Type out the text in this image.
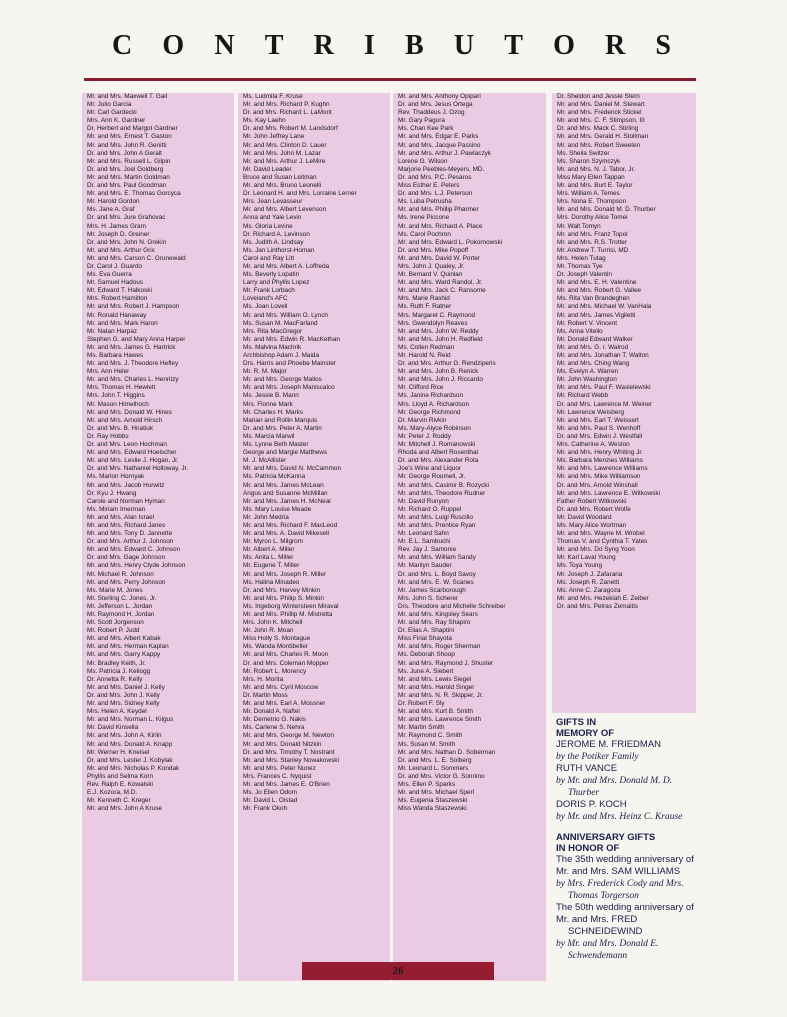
C O N T R I B U T O R S
Mr. and Mrs. Maxwell T. Gail
Mr. Julio Garcia
Mr. Carl Gardecki
Mrs. Ann K. Gardner
Dr. Herbert and Margot Gardner
Mr. and Mrs. Ernest T. Gaston
Mr. and Mrs. John R. Genitti
Dr. and Mrs. John A Geralt
Mr. and Mrs. Russell L. Gilpin
Dr. and Mrs. Joel Goldberg
Mr. and Mrs. Martin Goldman
Dr. and Mrs. Paul Goodman
Mr. and Mrs. E. Thomas Gorcyca
Mr. Harold Gordon
Ms. Jane A. Graf
Dr. and Mrs. Jure Grahovac
Mrs. H. James Gram
Mr. Joseph D. Greiner
Dr. and Mrs. John N. Grekin
Mr. and Mrs. Arthur Grix
Mr. and Mrs. Carson C. Grunewald
Dr. Carol J. Guardo
Ms. Eva Guerra
Mr. Samuel Hadous
Mr. Edward T. Halkoski
Mrs. Robert Hamilton
Mr. and Mrs. Robert J. Hampson
Mr. Ronald Hanaway
Mr. and Mrs. Mark Haron
Mr. Natan Harpaz
Stephen G. and Mary Anna Harper
Mr. and Mrs. James G. Hartrick
Ms. Barbara Hawes
Mr. and Mrs. J. Theodore Hefley
Mrs. Ann Heler
Mr. and Mrs. Charles L. Henritzy
Mrs. Thomas H. Hewlett
Mrs. John T. Higgins
Mr. Mason Himelhoch
Mr. and Mrs. Donald W. Hines
Mr. and Mrs. Arnold Hirsch
Dr. and Mrs. B. Hnatiuk
Dr. Ray Hobbs
Dr. and Mrs. Leon Hochman
Mr. and Mrs. Edward Hoelscher
Mr. and Mrs. Leslie J. Hogan, Jr.
Dr. and Mrs. Nathaniel Holloway, Jr.
Ms. Marion Hornyak
Mr. and Mrs. Jacob Hurwitz
Dr. Kyu J. Hwang
Carole and Norman Hyman
Ms. Miriam Imerman
Mr. and Mrs. Alan Israel
Mr. and Mrs. Richard Janes
Mr. and Mrs. Tony D. Jannette
Dr. and Mrs. Arthur J. Johnson
Mr. and Mrs. Edward C. Johnson
Dr. and Mrs. Gage Johnson
Mr. and Mrs. Henry Clyde Johnson
Mr. Michael R. Johnson
Mr. and Mrs. Perry Johnson
Ms. Marie M. Jones
Mr. Sterling C. Jones, Jr.
Mr. Jefferson L. Jordan
Mr. Raymond H. Jordan
Mr. Scott Jorgenson
Mr. Robert P. Judd
Mr. and Mrs. Albert Kabak
Mr. and Mrs. Herman Kaplan
Mr. and Mrs. Garry Kappy
Mr. Bradley Keith, Jr.
Ms. Patricia J. Kellogg
Dr. Annetta R. Kelly
Mr. and Mrs. Daniel J. Kelly
Dr. and Mrs. John J. Kelly
Mr. and Mrs. Sidney Kelly
Mrs. Helen A. Keydel
Mr. and Mrs. Norman L. Kilgus
Mr. David Kinsella
Mr. and Mrs. John A. Kirlin
Mr. and Mrs. Donald A. Knapp
Mr. Werner H. Kneisel
Dr. and Mrs. Lester J. Kobylak
Mr. and Mrs. Nicholas P. Kondak
Phyllis and Selma Korn
Rev. Ralph E. Kowalski
E.J. Kozora, M.D.
Mr. Kenneth C. Kreger
Mr. and Mrs. John A Kruse
Ms. Ludmila F. Kruse
Mr. and Mrs. Richard P. Kughn
Dr. and Mrs. Richard L. LaMont
Ms. Kay Laehn
Dr. and Mrs. Robert M. Landsdorf
Mr. John Jeffrey Lane
Mr. and Mrs. Clinton D. Lauer
Mr. and Mrs. John M. Lazar
Mr. and Mrs. Arthur J. LeMire
Mr. David Leader
Bruce and Susan Leitman
Mr. and Mrs. Bruno Leonelli
Dr. Leonard H. and Mrs. Lorraine Lerner
Mrs. Jean Levasseur
Mr. and Mrs. Albert Levenson
Anna and Yale Levin
Ms. Gloria Levine
Dr. Richard A. Levinson
Ms. Judith A. Lindsay
Ms. Jan Linthorst-Homan
Carol and Ray Litt
Mr. and Mrs. Albert A. Loffreda
Ms. Beverly Lopatin
Larry and Phyllis Lopez
Mr. Frank Lorbach
Loveland's AFC
Ms. Joan Lovell
Mr. and Mrs. William O. Lynch
Ms. Susan M. MacFarland
Mrs. Rita MacGregor
Mr. and Mrs. Edwin R. MacKethan
Ms. Malvina Machrik
Archbishop Adam J. Maida
Drs. Harris and Phoebe Mainster
Mr. R. M. Major
Mr. and Mrs. George Mallos
Mr. and Mrs. Joseph Maniscalco
Ms. Jessie B. Mann
Mrs. Florine Mark
Mr. Charles H. Marks
Marian and Rollin Marquis
Dr. and Mrs. Peter A. Martin
Ms. Marcia Marwil
Ms. Lynne Beth Master
George and Margie Matthews
M. J. McAllister
Mr. and Mrs. David N. McCammon
Ms. Patricia McKanna
Mr. and Mrs. James McLean
Angus and Susanne McMillan
Mr. and Mrs. James H. McNeal
Ms. Mary Louise Meade
Mr. John Medria
Mr. and Mrs. Richard F. MacLeod
Mr. and Mrs. A. David Mikesell
Mr. Myron L. Milgrom
Mr. Albert A. Miller
Ms. Anita L. Miller
Mr. Eugene T. Miller
Mr. and Mrs. Joseph R. Miller
Ms. Halina Minadeo
Dr. and Mrs. Harvey Minkin
Mr. and Mrs. Philip S. Minkin
Ms. Ingeborg Wintersteen Miraval
Mr. and Mrs. Phillip M. Mistretta
Mrs. John K. Mitchell
Mr. John R. Moan
Miss Holly S. Montague
Ms. Wanda Montibeller
Mr. and Mrs. Charles R. Moon
Dr. and Mrs. Coleman Mopper
Mr. Robert L. Morency
Mrs. H. Morita
Mr. and Mrs. Cyril Moscow
Dr. Martin Moss
Mr. and Mrs. Earl A. Mossner
Mr. Donald A. Naftel
Mr. Demetrio G. Nakis
Ms. Carlene S. Nehra
Mr. and Mrs. George M. Newton
Mr. and Mrs. Donald Nitzkin
Dr. and Mrs. Timothy T. Nostrant
Mr. and Mrs. Stanley Nowakowski
Mr. and Mrs. Peter Nunez
Mrs. Frances C. Nyquist
Mr. and Mrs. James E. O'Brien
Ms. Jo Ellen Odom
Mr. David L. Oistad
Mr. Frank Okoh
Mr. and Mrs. Anthony Opipari
Dr. and Mrs. Jesus Ortega
Rev. Thaddeus J. Ozog
Mr. Gary Pagura
Ms. Chan Kee Park
Mr. and Mrs. Edgar E. Parks
Mr. and Mrs. Jacque Passino
Mr. and Mrs. Arthur J. Pawlaczyk
Lorene G. Wilson
Marjorie Peebles-Meyers, MD.
Dr. and Mrs. P.C. Pesaros
Miss Esther E. Peters
Dr. and Mrs. L.J. Peterson
Ms. Luba Petrusha
Mr. and Mrs. Phillip Pharmer
Ms. Irene Piccone
Mr. and Mrs. Richard A. Place
Ms. Carol Pochron
Mr. and Mrs. Edward L. Pokornowski
Dr. and Mrs. Mike Popoff
Mr. and Mrs. David W. Porter
Mrs. John J. Qualey, Jr.
Mr. Bernard V. Quinlan
Mr. and Mrs. Ward Randol, Jr.
Mr. and Mrs. Jack C. Ransome
Mrs. Marie Rashid
Ms. Ruth F. Ratner
Mrs. Margaret C. Raymond
Mrs. Gwendolyn Reaves
Mr. and Mrs. John W. Reddy
Mr. and Mrs. John H. Redfield
Ms. Collen Redman
Mr. Harold N. Reid
Dr. and Mrs. Arthur G. Rendziperis
Mr. and Mrs. John B. Renick
Mr. and Mrs. John J. Riccardo
Mr. Clifford Rice
Ms. Janine Richardson
Mrs. Lloyd A. Richardson
Mr. George Richmond
Dr. Marvin Rivkin
Ms. Mary-Alyce Robinson
Mr. Peter J. Roddy
Mr. Mitchell J. Romanowski
Rhoda and Albert Rosenthal
Dr. and Mrs. Alexander Rota
Joe's Wine and Liquor
Mr. George Roumell, Jr.
Mr. and Mrs. Casimir B. Rozycki
Mr. and Mrs. Theodore Rudner
Mr. David Runyon
Mr. Richard O. Ruppel
Mr. and Mrs. Luigi Ruscillo
Mr. and Mrs. Prentice Ryan
Mr. Leonard Sahn
Mr. E.L. Sambuchi
Rev. Jay J. Samonie
Mr. and Mrs. William Sandy
Mr. Marilyn Sauder
Dr. and Mrs. L. Boyd Savoy
Mr. and Mrs. E. W. Scanes
Mr. James Scarborough
Mrs. John S. Scherer
Drs. Theodore and Michelle Schreiber
Mr. and Mrs. Kingsley Sears
Mr. and Mrs. Ray Shapiro
Dr. Elias A. Shaptini
Miss Firial Shayota
Mr. and Mrs. Roger Sherman
Ms. Deborah Shoop
Mr. and Mrs. Raymond J. Shuster
Ms. June A. Siebert
Mr. and Mrs. Lewis Siegel
Mr. and Mrs. Harold Singer
Mr. and Mrs. N. R. Skipper, Jr.
Dr. Robert F. Sly
Mr. and Mrs. Kurt B. Smith
Mr. and Mrs. Lawrence Smith
Mr. Martin Smith
Mr. Raymond C. Smith
Ms. Susan M. Smith
Mr. and Mrs. Nathan D. Soberman
Dr. and Mrs. L. E. Solberg
Mr. Leonard L. Sommers
Dr. and Mrs. Victor G. Sonnino
Mrs. Ellen P. Sparks
Mr. and Mrs. Michael Sperl
Ms. Eugenia Staszewski
Miss Wanda Staszewski
Dr. Sheldon and Jessie Stern
Mr. and Mrs. Daniel M. Stewart
Mr. and Mrs. Frederick Stickel
Mr. and Mrs. C. F. Stimpson, III
Dr. and Mrs. Mack C. Stirling
Mr. and Mrs. Gerald H. Stollman
Mr. and Mrs. Robert Sweeten
Ms. Sheila Switzer
Ms. Sharon Szymczyk
Mr. and Mrs. N. J. Tabor, Jr.
Miss Mary Ellen Tappan
Mr. and Mrs. Burt E. Taylor
Mrs. William A. Temes
Mrs. Nona E. Thompson
Mr. and Mrs. Donald M. D. Thurber
Mrs. Dorothy Alice Tomei
Mr. Walt Tomyn
Mr. and Mrs. Franz Topol
Mr. and Mrs. R.S. Trotter
Mr. Andrew T. Turrisi, MD
Mrs. Helen Tutag
Mr. Thomas Tye
Dr. Joseph Valentin
Mr. and Mrs. E. H. Valentine
Mr. and Mrs. Robert G. Vallee
Ms. Rita Van Brandeghen
Mr. and Mrs. Michael W. VanHala
Mr. and Mrs. James Vigiletti
Mr. Robert V. Vincent
Ms. Anna Vitello
Mr. Donald Edward Walker
Mr. and Mrs. G. r. Walrod
Mr. and Mrs. Jonathan T. Walton
Mr. and Mrs. Ching Wang
Ms. Evelyn A. Warren
Mr. John Washington
Mr. and Mrs. Paul F. Wasielewski
Mr. Richard Webb
Dr. and Mrs. Lawrence M. Weiner
Mr. Lawrence Weisberg
Mr. and Mrs. Earl T. Weissert
Mr. and Mrs. Paul S. Wenhoff
Dr. and Mrs. Edwin J. Westfall
Mrs. Catherine A. Weston
Mr. and Mrs. Henry Whiting Jr.
Ms. Barbara Menzies Williams
Mr. and Mrs. Lawrence Williams
Mr. and Mrs. Mike Williamson
Dr. and Mrs. Arnold Winshall
Mr. and Mrs. Lawrence E. Witkowski
Father Robert Witkowski
Dr. and Mrs. Robert Wolfe
Mr. David Woodard
Ms. Mary Alice Wortman
Mr. and Mrs. Wayne M. Wrobel
Thomas V. and Cynthia T. Yates
Mr. and Mrs. Do Syng Yoon
Mr. Karl Laval Young
Ms. Toya Young
Mr. Joseph J. Zafarana
Ms. Joseph R. Zanetti
Ms. Anne C. Zaragoza
Mr. and Mrs. Hezekiah E. Zeiber
Dr. and Mrs. Petras Zemaitis
GIFTS IN
MEMORY OF
JEROME M. FRIEDMAN
by the Potiker Family
RUTH VANCE
by Mr. and Mrs. Donald M. D.
Thurber
DORIS P. KOCH
by Mr. and Mrs. Heinz C. Krause
ANNIVERSARY GIFTS
IN HONOR OF
The 35th wedding anniversary of
Mr. and Mrs. SAM WILLIAMS
by Mrs. Frederick Cody and Mrs.
Thomas Torgerson
The 50th wedding anniversary of
Mr. and Mrs. FRED
SCHNEIDEWIND
by Mr. and Mrs. Donald E.
Schwendemann
26
